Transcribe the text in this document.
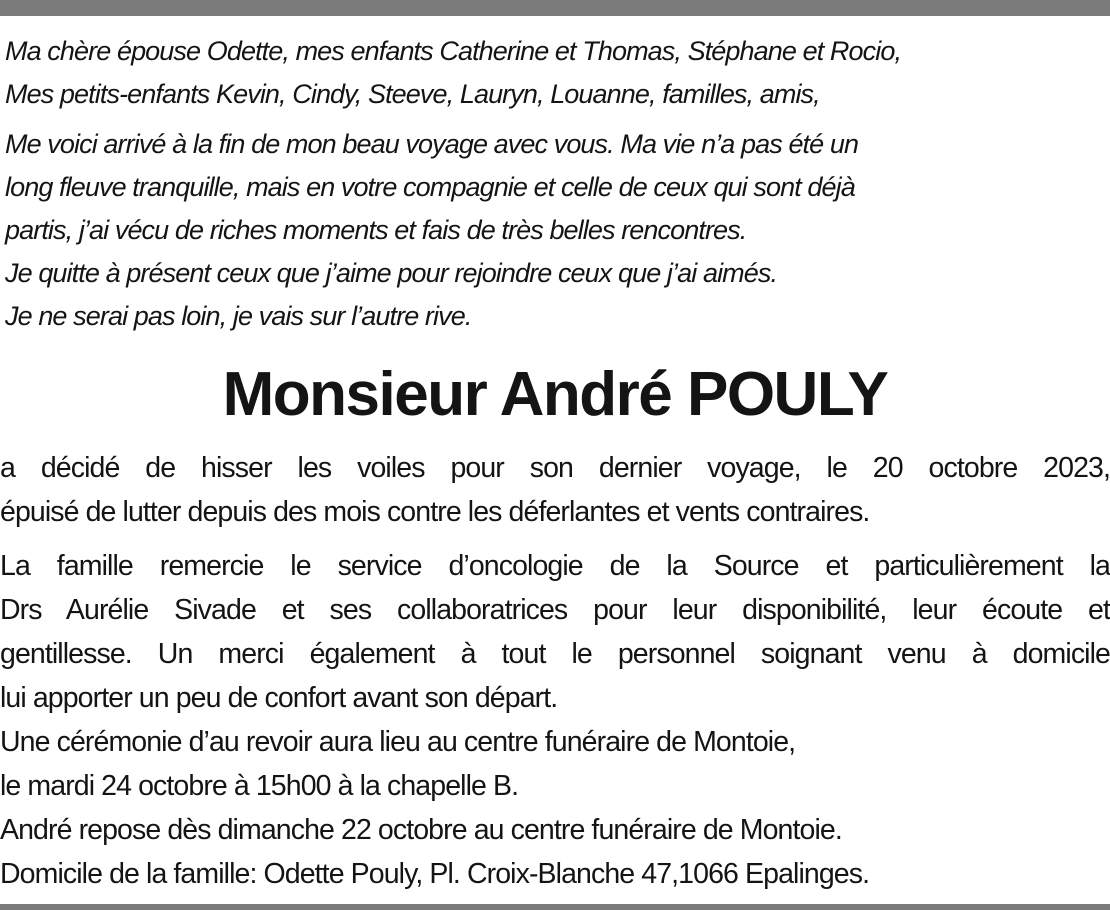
Ma chère épouse Odette, mes enfants Catherine et Thomas, Stéphane et Rocio,
Mes petits-enfants Kevin, Cindy, Steeve, Lauryn, Louanne, familles, amis,
Me voici arrivé à la fin de mon beau voyage avec vous. Ma vie n’a pas été un
long fleuve tranquille, mais en votre compagnie et celle de ceux qui sont déjà
partis, j’ai vécu de riches moments et fais de très belles rencontres.
Je quitte à présent ceux que j’aime pour rejoindre ceux que j’ai aimés.
Je ne serai pas loin, je vais sur l’autre rive.
Monsieur André POULY
a décidé de hisser les voiles pour son dernier voyage, le 20 octobre 2023,
épuisé de lutter depuis des mois contre les déferlantes et vents contraires.
La famille remercie le service d’oncologie de la Source et particulièrement la
Drs Aurélie Sivade et ses collaboratrices pour leur disponibilité, leur écoute et
gentillesse. Un merci également à tout le personnel soignant venu à domicile
lui apporter un peu de confort avant son départ.
Une cérémonie d’au revoir aura lieu au centre funéraire de Montoie,
le mardi 24 octobre à 15h00 à la chapelle B.
André repose dès dimanche 22 octobre au centre funéraire de Montoie.
Domicile de la famille: Odette Pouly, Pl. Croix-Blanche 47,1066 Epalinges.
